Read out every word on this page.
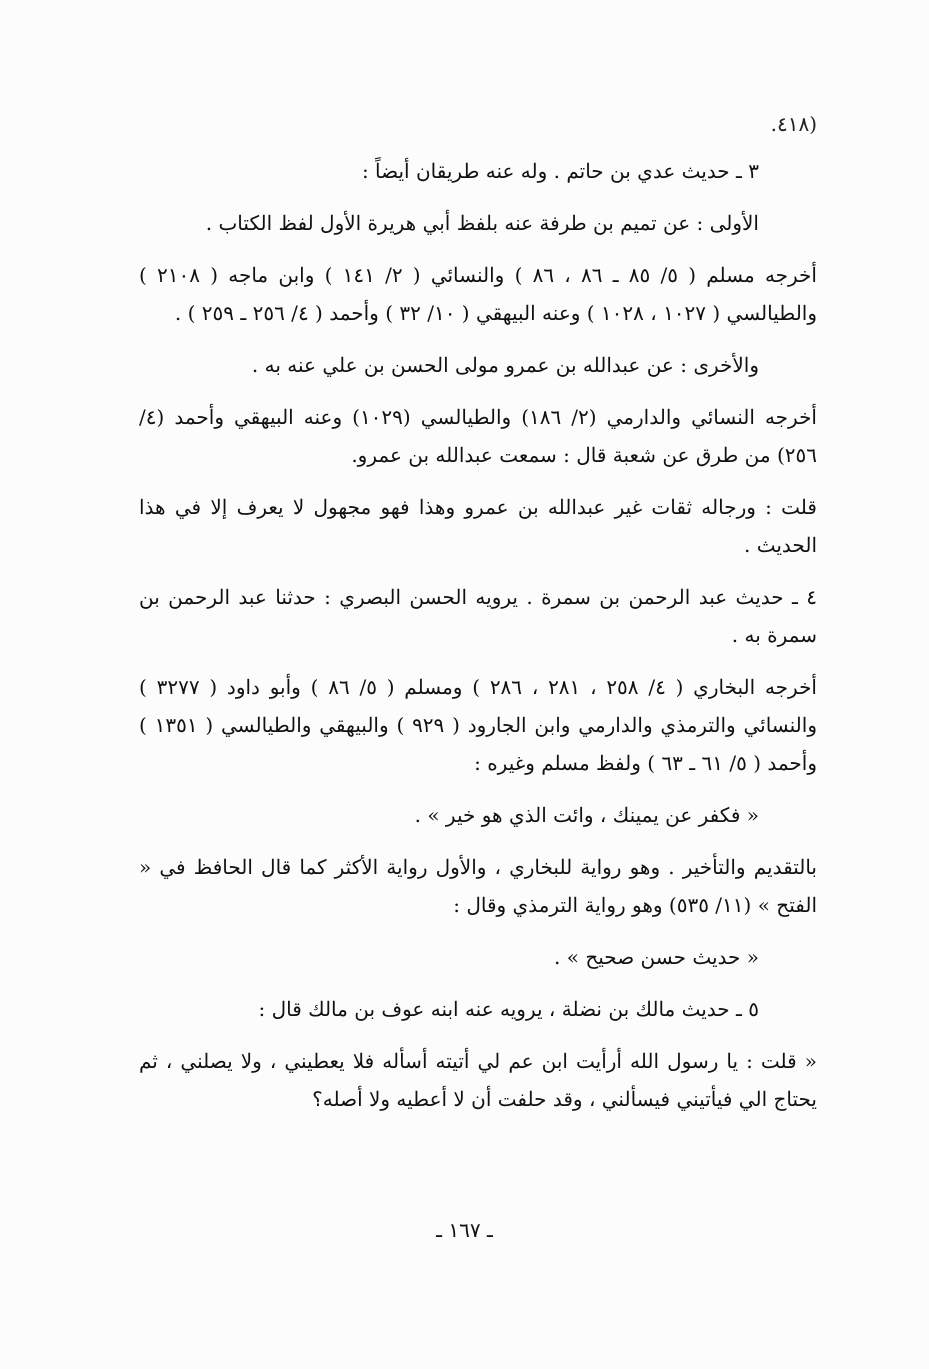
(٤١٨.

٣ ـ حديث عدي بن حاتم . وله عنه طريقان أيضاً :

الأولى : عن تميم بن طرفة عنه بلفظ أبي هريرة الأول لفظ الكتاب .

أخرجه مسلم ( ٥/ ٨٥ ـ ٨٦ ، ٨٦ ) والنسائي ( ٢/ ١٤١ ) وابن ماجه ( ٢١٠٨ ) والطيالسي ( ١٠٢٧ ، ١٠٢٨ ) وعنه البيهقي ( ١٠/ ٣٢ ) وأحمد ( ٤/ ٢٥٦ ـ ٢٥٩ ) .

والأخرى : عن عبدالله بن عمرو مولى الحسن بن علي عنه به .

أخرجه النسائي والدارمي (٢/ ١٨٦) والطيالسي (١٠٢٩) وعنه البيهقي وأحمد (٤/ ٢٥٦) من طرق عن شعبة قال : سمعت عبدالله بن عمرو.

قلت : ورجاله ثقات غير عبدالله بن عمرو وهذا فهو مجهول لا يعرف إلا في هذا الحديث .

٤ ـ حديث عبد الرحمن بن سمرة . يرويه الحسن البصري : حدثنا عبد الرحمن بن سمرة به .

أخرجه البخاري ( ٤/ ٢٥٨ ، ٢٨١ ، ٢٨٦ ) ومسلم ( ٥/ ٨٦ ) وأبو داود ( ٣٢٧٧ ) والنسائي والترمذي والدارمي وابن الجارود ( ٩٢٩ ) والبيهقي والطيالسي ( ١٣٥١ ) وأحمد ( ٥/ ٦١ ـ ٦٣ ) ولفظ مسلم وغيره :

« فكفر عن يمينك ، وائت الذي هو خير » .

بالتقديم والتأخير . وهو رواية للبخاري ، والأول رواية الأكثر كما قال الحافظ في « الفتح » (١١/ ٥٣٥) وهو رواية الترمذي وقال :

« حديث حسن صحيح » .

٥ ـ حديث مالك بن نضلة ، يرويه عنه ابنه عوف بن مالك قال :

« قلت : يا رسول الله أرأيت ابن عم لي أتيته أسأله فلا يعطيني ، ولا يصلني ، ثم يحتاج الي فيأتيني فيسألني ، وقد حلفت أن لا أعطيه ولا أصله؟

ـ ١٦٧ ـ
